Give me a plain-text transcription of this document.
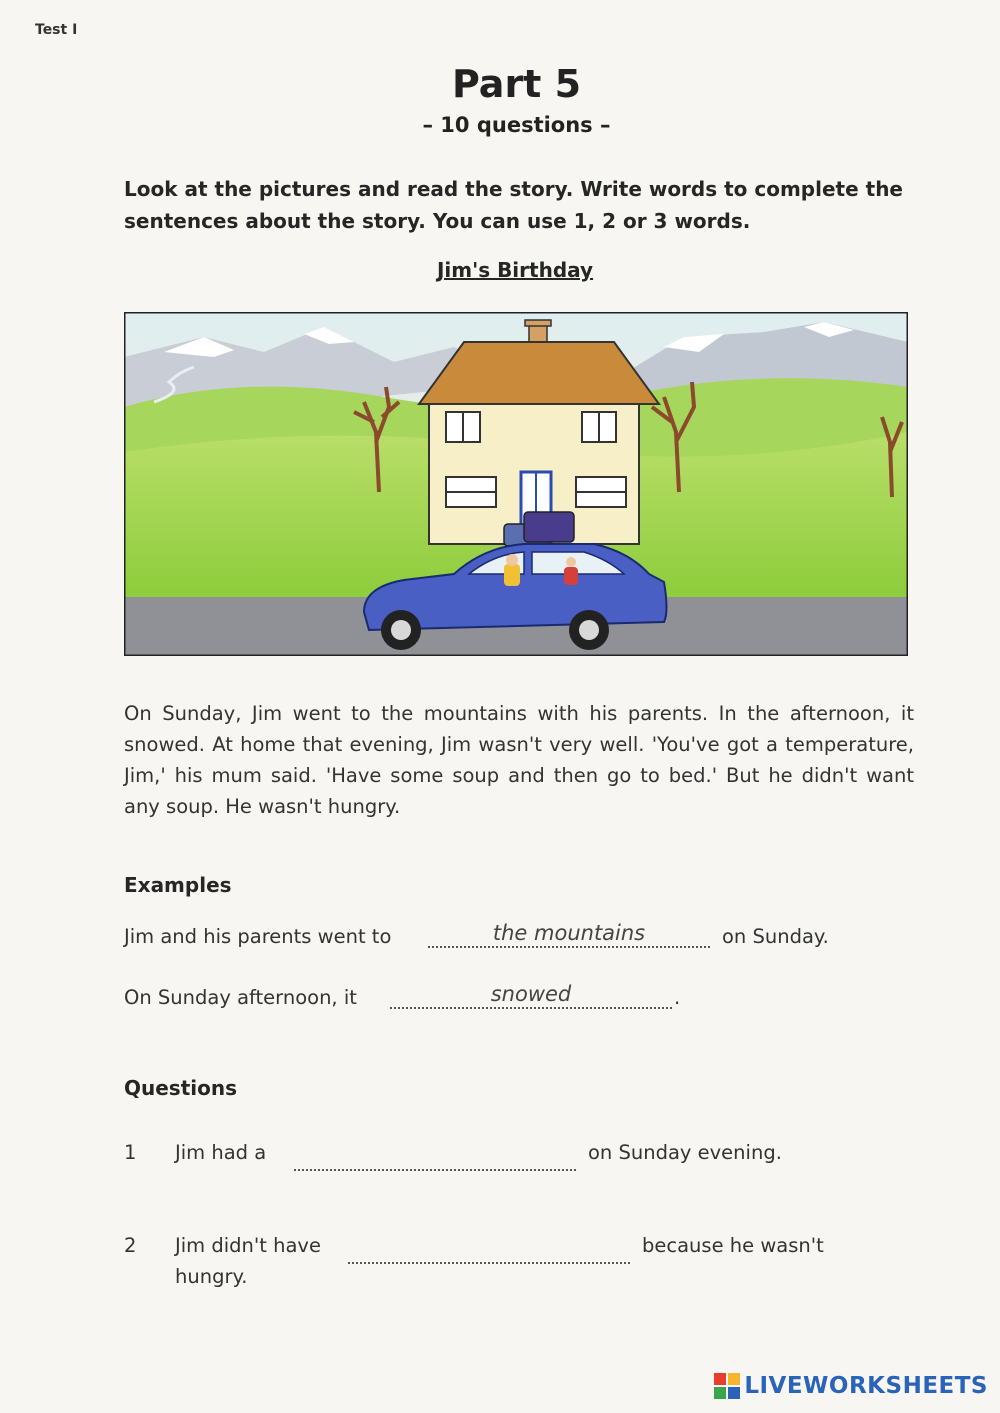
Test I
Part 5
– 10 questions –
Look at the pictures and read the story. Write words to complete the sentences about the story. You can use 1, 2 or 3 words.
Jim's Birthday
On Sunday, Jim went to the mountains with his parents. In the afternoon, it snowed. At home that evening, Jim wasn't very well. 'You've got a temperature, Jim,' his mum said. 'Have some soup and then go to bed.' But he didn't want any soup. He wasn't hungry.
Examples
Jim and his parents went to	the mountains	on Sunday.
On Sunday afternoon, it	snowed	.
Questions
1 Jim had a	on Sunday evening.
2 Jim didn't have	because he wasn't
hungry.
LIVEWORKSHEETS
